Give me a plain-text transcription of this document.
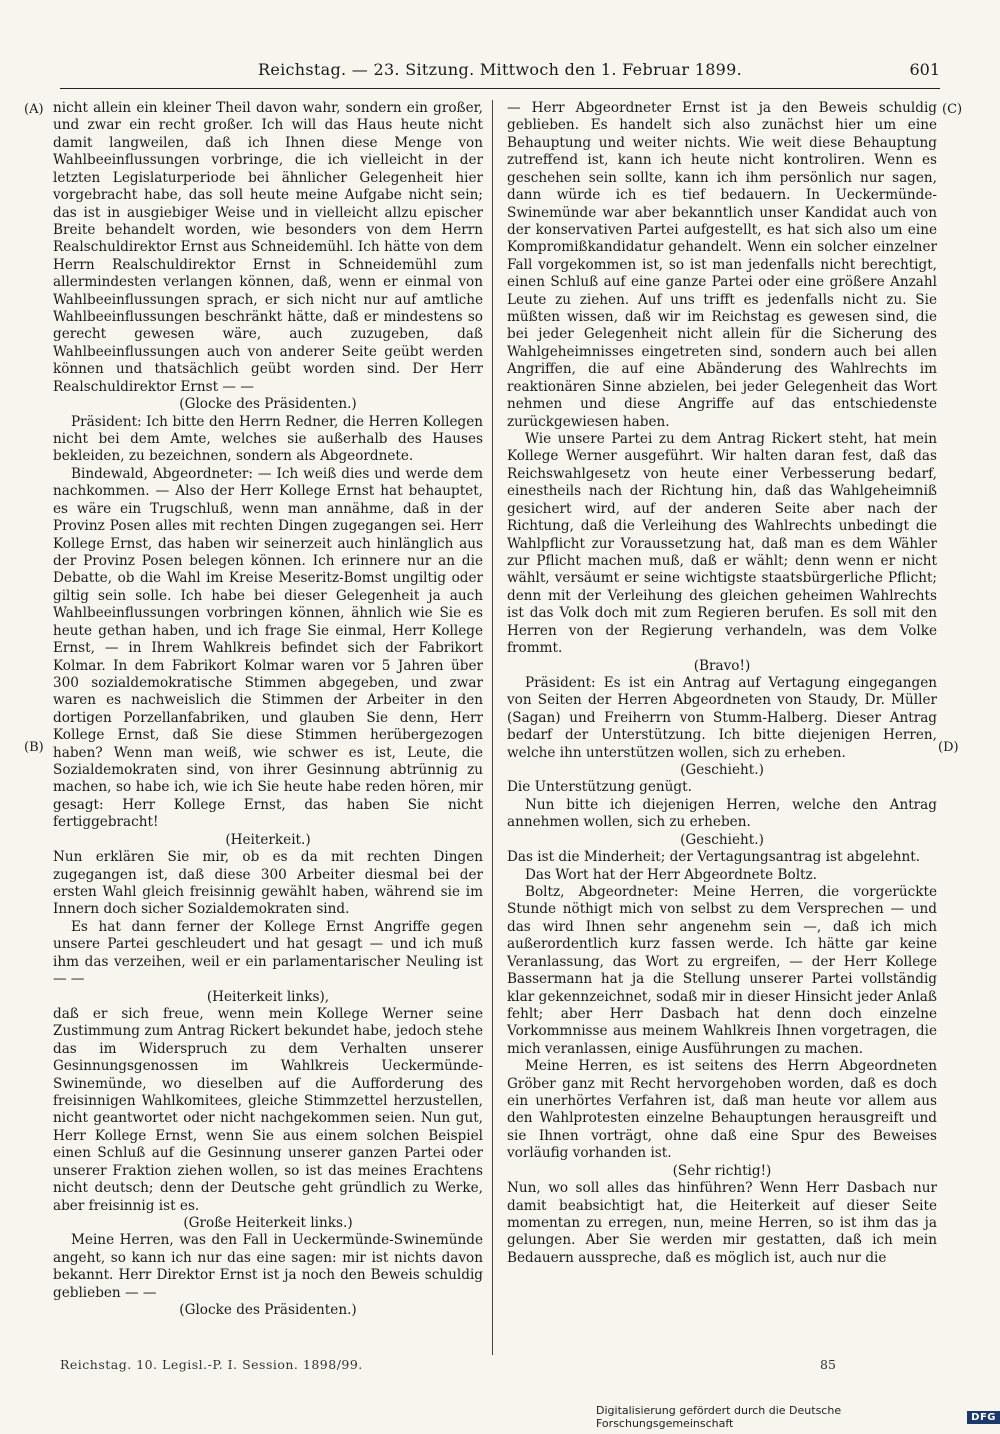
Reichstag. — 23. Sitzung. Mittwoch den 1. Februar 1899.	601
(A)
(B)
(C)
(D)

nicht allein ein kleiner Theil davon wahr, sondern ein großer, und zwar ein recht großer. Ich will das Haus heute nicht damit langweilen, daß ich Ihnen diese Menge von Wahlbeeinflussungen vorbringe, die ich vielleicht in der letzten Legislaturperiode bei ähnlicher Gelegenheit hier vorgebracht habe, das soll heute meine Aufgabe nicht sein; das ist in ausgiebiger Weise und in vielleicht allzu epischer Breite behandelt worden, wie besonders von dem Herrn Realschuldirektor Ernst aus Schneidemühl. Ich hätte von dem Herrn Realschuldirektor Ernst in Schneidemühl zum allermindesten verlangen können, daß, wenn er einmal von Wahlbeeinflussungen sprach, er sich nicht nur auf amtliche Wahlbeeinflussungen beschränkt hätte, daß er mindestens so gerecht gewesen wäre, auch zuzugeben, daß Wahlbeeinflussungen auch von anderer Seite geübt werden können und thatsächlich geübt worden sind. Der Herr Realschuldirektor Ernst — —

(Glocke des Präsidenten.)

Präsident: Ich bitte den Herrn Redner, die Herren Kollegen nicht bei dem Amte, welches sie außerhalb des Hauses bekleiden, zu bezeichnen, sondern als Abgeordnete.

Bindewald, Abgeordneter: — Ich weiß dies und werde dem nachkommen. — Also der Herr Kollege Ernst hat behauptet, es wäre ein Trugschluß, wenn man annähme, daß in der Provinz Posen alles mit rechten Dingen zugegangen sei. Herr Kollege Ernst, das haben wir seinerzeit auch hinlänglich aus der Provinz Posen belegen können. Ich erinnere nur an die Debatte, ob die Wahl im Kreise Meseritz-Bomst ungiltig oder giltig sein solle. Ich habe bei dieser Gelegenheit ja auch Wahlbeeinflussungen vorbringen können, ähnlich wie Sie es heute gethan haben, und ich frage Sie einmal, Herr Kollege Ernst, — in Ihrem Wahlkreis befindet sich der Fabrikort Kolmar. In dem Fabrikort Kolmar waren vor 5 Jahren über 300 sozialdemokratische Stimmen abgegeben, und zwar waren es nachweislich die Stimmen der Arbeiter in den dortigen Porzellanfabriken, und glauben Sie denn, Herr Kollege Ernst, daß Sie diese Stimmen herübergezogen haben? Wenn man weiß, wie schwer es ist, Leute, die Sozialdemokraten sind, von ihrer Gesinnung abtrünnig zu machen, so habe ich, wie ich Sie heute habe reden hören, mir gesagt: Herr Kollege Ernst, das haben Sie nicht fertiggebracht!

(Heiterkeit.)

Nun erklären Sie mir, ob es da mit rechten Dingen zugegangen ist, daß diese 300 Arbeiter diesmal bei der ersten Wahl gleich freisinnig gewählt haben, während sie im Innern doch sicher Sozialdemokraten sind.

Es hat dann ferner der Kollege Ernst Angriffe gegen unsere Partei geschleudert und hat gesagt — und ich muß ihm das verzeihen, weil er ein parlamentarischer Neuling ist — —

(Heiterkeit links),

daß er sich freue, wenn mein Kollege Werner seine Zustimmung zum Antrag Rickert bekundet habe, jedoch stehe das im Widerspruch zu dem Verhalten unserer Gesinnungsgenossen im Wahlkreis Ueckermünde-Swinemünde, wo dieselben auf die Aufforderung des freisinnigen Wahlkomitees, gleiche Stimmzettel herzustellen, nicht geantwortet oder nicht nachgekommen seien. Nun gut, Herr Kollege Ernst, wenn Sie aus einem solchen Beispiel einen Schluß auf die Gesinnung unserer ganzen Partei oder unserer Fraktion ziehen wollen, so ist das meines Erachtens nicht deutsch; denn der Deutsche geht gründlich zu Werke, aber freisinnig ist es.

(Große Heiterkeit links.)

Meine Herren, was den Fall in Ueckermünde-Swinemünde angeht, so kann ich nur das eine sagen: mir ist nichts davon bekannt. Herr Direktor Ernst ist ja noch den Beweis schuldig geblieben — —

(Glocke des Präsidenten.)

— Herr Abgeordneter Ernst ist ja den Beweis schuldig geblieben. Es handelt sich also zunächst hier um eine Behauptung und weiter nichts. Wie weit diese Behauptung zutreffend ist, kann ich heute nicht kontroliren. Wenn es geschehen sein sollte, kann ich ihm persönlich nur sagen, dann würde ich es tief bedauern. In Ueckermünde-Swinemünde war aber bekanntlich unser Kandidat auch von der konservativen Partei aufgestellt, es hat sich also um eine Kompromißkandidatur gehandelt. Wenn ein solcher einzelner Fall vorgekommen ist, so ist man jedenfalls nicht berechtigt, einen Schluß auf eine ganze Partei oder eine größere Anzahl Leute zu ziehen. Auf uns trifft es jedenfalls nicht zu. Sie müßten wissen, daß wir im Reichstag es gewesen sind, die bei jeder Gelegenheit nicht allein für die Sicherung des Wahlgeheimnisses eingetreten sind, sondern auch bei allen Angriffen, die auf eine Abänderung des Wahlrechts im reaktionären Sinne abzielen, bei jeder Gelegenheit das Wort nehmen und diese Angriffe auf das entschiedenste zurückgewiesen haben.

Wie unsere Partei zu dem Antrag Rickert steht, hat mein Kollege Werner ausgeführt. Wir halten daran fest, daß das Reichswahlgesetz von heute einer Verbesserung bedarf, einestheils nach der Richtung hin, daß das Wahlgeheimniß gesichert wird, auf der anderen Seite aber nach der Richtung, daß die Verleihung des Wahlrechts unbedingt die Wahlpflicht zur Voraussetzung hat, daß man es dem Wähler zur Pflicht machen muß, daß er wählt; denn wenn er nicht wählt, versäumt er seine wichtigste staatsbürgerliche Pflicht; denn mit der Verleihung des gleichen geheimen Wahlrechts ist das Volk doch mit zum Regieren berufen. Es soll mit den Herren von der Regierung verhandeln, was dem Volke frommt.

(Bravo!)

Präsident: Es ist ein Antrag auf Vertagung eingegangen von Seiten der Herren Abgeordneten von Staudy, Dr. Müller (Sagan) und Freiherrn von Stumm-Halberg. Dieser Antrag bedarf der Unterstützung. Ich bitte diejenigen Herren, welche ihn unterstützen wollen, sich zu erheben.

(Geschieht.)

Die Unterstützung genügt.

Nun bitte ich diejenigen Herren, welche den Antrag annehmen wollen, sich zu erheben.

(Geschieht.)

Das ist die Minderheit; der Vertagungsantrag ist abgelehnt.

Das Wort hat der Herr Abgeordnete Boltz.

Boltz, Abgeordneter: Meine Herren, die vorgerückte Stunde nöthigt mich von selbst zu dem Versprechen — und das wird Ihnen sehr angenehm sein —, daß ich mich außerordentlich kurz fassen werde. Ich hätte gar keine Veranlassung, das Wort zu ergreifen, — der Herr Kollege Bassermann hat ja die Stellung unserer Partei vollständig klar gekennzeichnet, sodaß mir in dieser Hinsicht jeder Anlaß fehlt; aber Herr Dasbach hat denn doch einzelne Vorkommnisse aus meinem Wahlkreis Ihnen vorgetragen, die mich veranlassen, einige Ausführungen zu machen.

Meine Herren, es ist seitens des Herrn Abgeordneten Gröber ganz mit Recht hervorgehoben worden, daß es doch ein unerhörtes Verfahren ist, daß man heute vor allem aus den Wahlprotesten einzelne Behauptungen herausgreift und sie Ihnen vorträgt, ohne daß eine Spur des Beweises vorläufig vorhanden ist.

(Sehr richtig!)

Nun, wo soll alles das hinführen? Wenn Herr Dasbach nur damit beabsichtigt hat, die Heiterkeit auf dieser Seite momentan zu erregen, nun, meine Herren, so ist ihm das ja gelungen. Aber Sie werden mir gestatten, daß ich mein Bedauern ausspreche, daß es möglich ist, auch nur die

Reichstag. 10. Legisl.-P. I. Session. 1898/99.	85
Digitalisierung gefördert durch die Deutsche Forschungsgemeinschaft	DFG
